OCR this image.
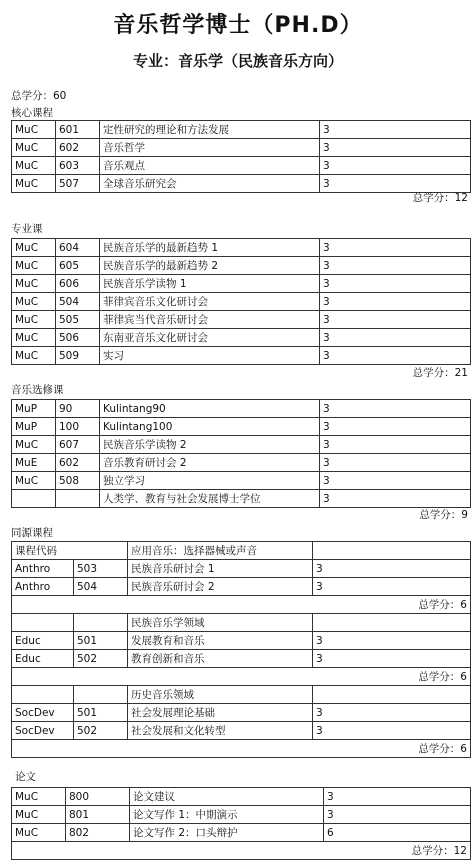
音乐哲学博士（PH.D）
专业：音乐学（民族音乐方向）
总学分：60
核心课程
MuC	601	定性研究的理论和方法发展	3
MuC	602	音乐哲学	3
MuC	603	音乐观点	3
MuC	507	全球音乐研究会	3
总学分：12
专业课
MuC	604	民族音乐学的最新趋势 1	3
MuC	605	民族音乐学的最新趋势 2	3
MuC	606	民族音乐学读物 1	3
MuC	504	菲律宾音乐文化研讨会	3
MuC	505	菲律宾当代音乐研讨会	3
MuC	506	东南亚音乐文化研讨会	3
MuC	509	实习	3
总学分：21
音乐选修课
MuP	90	Kulintang90	3
MuP	100	Kulintang100	3
MuC	607	民族音乐学读物 2	3
MuE	602	音乐教育研讨会 2	3
MuC	508	独立学习	3
		人类学、教育与社会发展博士学位	3
总学分：9
同源课程
课程代码		应用音乐：选择器械或声音	
Anthro	503	民族音乐研讨会 1	3
Anthro	504	民族音乐研讨会 2	3
总学分：6			
		民族音乐学领域	
Educ	501	发展教育和音乐	3
Educ	502	教育创新和音乐	3
总学分：6			
		历史音乐领域	
SocDev	501	社会发展理论基础	3
SocDev	502	社会发展和文化转型	3
总学分：6			
论文
MuC	800	论文建议	3
MuC	801	论文写作 1：中期演示	3
MuC	802	论文写作 2：口头辩护	6
总学分：12			
